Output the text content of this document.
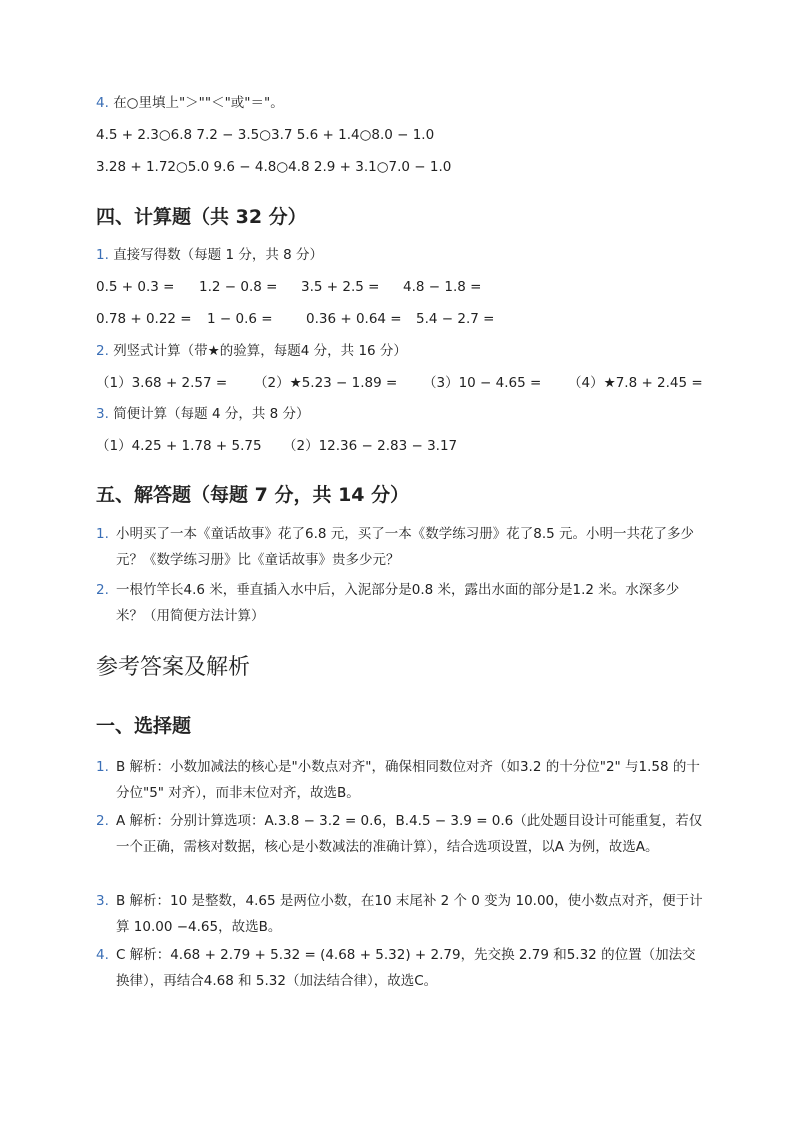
4. 在○里填上"＞""＜"或"＝"。
4.5 + 2.3○6.8 7.2 − 3.5○3.7 5.6 + 1.4○8.0 − 1.0
3.28 + 1.72○5.0 9.6 − 4.8○4.8 2.9 + 3.1○7.0 − 1.0
四、计算题（共 32 分）
1. 直接写得数（每题 1 分，共 8 分）
0.5 + 0.3 = 1.2 − 0.8 = 3.5 + 2.5 = 4.8 − 1.8 =
0.78 + 0.22 = 1 − 0.6 = 0.36 + 0.64 = 5.4 − 2.7 =
2. 列竖式计算（带★的验算，每题4 分，共 16 分）
（1）3.68 + 2.57 = （2）★5.23 − 1.89 = （3）10 − 4.65 = （4）★7.8 + 2.45 =
3. 简便计算（每题 4 分，共 8 分）
（1）4.25 + 1.78 + 5.75 （2）12.36 − 2.83 − 3.17
五、解答题（每题 7 分，共 14 分）
1. 小明买了一本《童话故事》花了6.8 元，买了一本《数学练习册》花了8.5 元。小明一共花了多少元？《数学练习册》比《童话故事》贵多少元？
2. 一根竹竿长4.6 米，垂直插入水中后，入泥部分是0.8 米，露出水面的部分是1.2 米。水深多少米？（用简便方法计算）
参考答案及解析
一、选择题
1. B 解析：小数加减法的核心是"小数点对齐"，确保相同数位对齐（如3.2 的十分位"2" 与1.58 的十分位"5" 对齐），而非末位对齐，故选B。
2. A 解析：分别计算选项：A.3.8 − 3.2 = 0.6，B.4.5 − 3.9 = 0.6（此处题目设计可能重复，若仅一个正确，需核对数据，核心是小数减法的准确计算），结合选项设置，以A 为例，故选A。
3. B 解析：10 是整数，4.65 是两位小数，在10 末尾补 2 个 0 变为 10.00，使小数点对齐，便于计算 10.00 −4.65，故选B。
4. C 解析：4.68 + 2.79 + 5.32 = (4.68 + 5.32) + 2.79，先交换 2.79 和5.32 的位置（加法交换律），再结合4.68 和 5.32（加法结合律），故选C。
